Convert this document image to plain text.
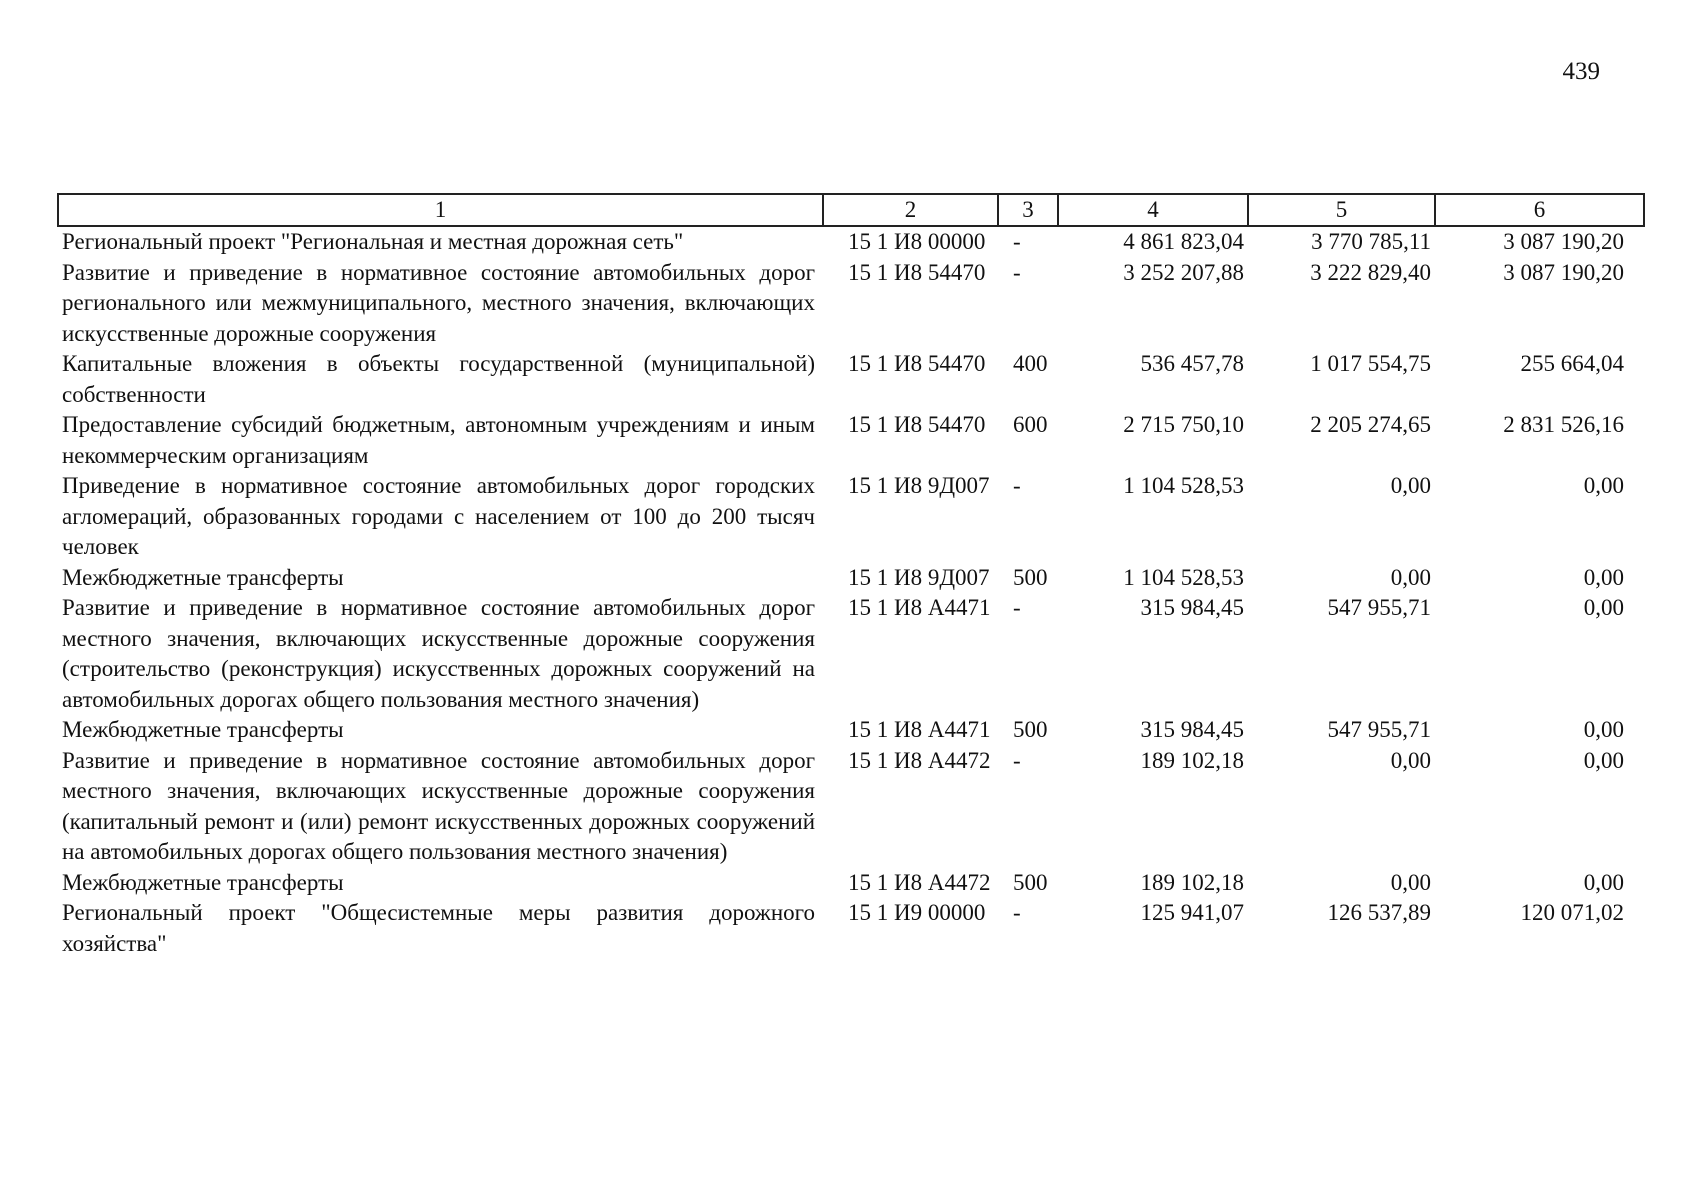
439
1	2	3	4	5	6
Региональный проект "Региональная и местная дорожная сеть"	15 1 И8 00000	-	4 861 823,04	3 770 785,11	3 087 190,20
Развитие и приведение в нормативное состояние автомобильных дорог регионального или межмуниципального, местного значения, включающих искусственные дорожные сооружения	15 1 И8 54470	-	3 252 207,88	3 222 829,40	3 087 190,20
Капитальные вложения в объекты государственной (муниципальной) собственности	15 1 И8 54470	400	536 457,78	1 017 554,75	255 664,04
Предоставление субсидий бюджетным, автономным учреждениям и иным некоммерческим организациям	15 1 И8 54470	600	2 715 750,10	2 205 274,65	2 831 526,16
Приведение в нормативное состояние автомобильных дорог городских агломераций, образованных городами с населением от 100 до 200 тысяч человек	15 1 И8 9Д007	-	1 104 528,53	0,00	0,00
Межбюджетные трансферты	15 1 И8 9Д007	500	1 104 528,53	0,00	0,00
Развитие и приведение в нормативное состояние автомобильных дорог местного значения, включающих искусственные дорожные сооружения (строительство (реконструкция) искусственных дорожных сооружений на автомобильных дорогах общего пользования местного значения)	15 1 И8 А4471	-	315 984,45	547 955,71	0,00
Межбюджетные трансферты	15 1 И8 А4471	500	315 984,45	547 955,71	0,00
Развитие и приведение в нормативное состояние автомобильных дорог местного значения, включающих искусственные дорожные сооружения (капитальный ремонт и (или) ремонт искусственных дорожных сооружений на автомобильных дорогах общего пользования местного значения)	15 1 И8 А4472	-	189 102,18	0,00	0,00
Межбюджетные трансферты	15 1 И8 А4472	500	189 102,18	0,00	0,00
Региональный проект "Общесистемные меры развития дорожного хозяйства"	15 1 И9 00000	-	125 941,07	126 537,89	120 071,02
